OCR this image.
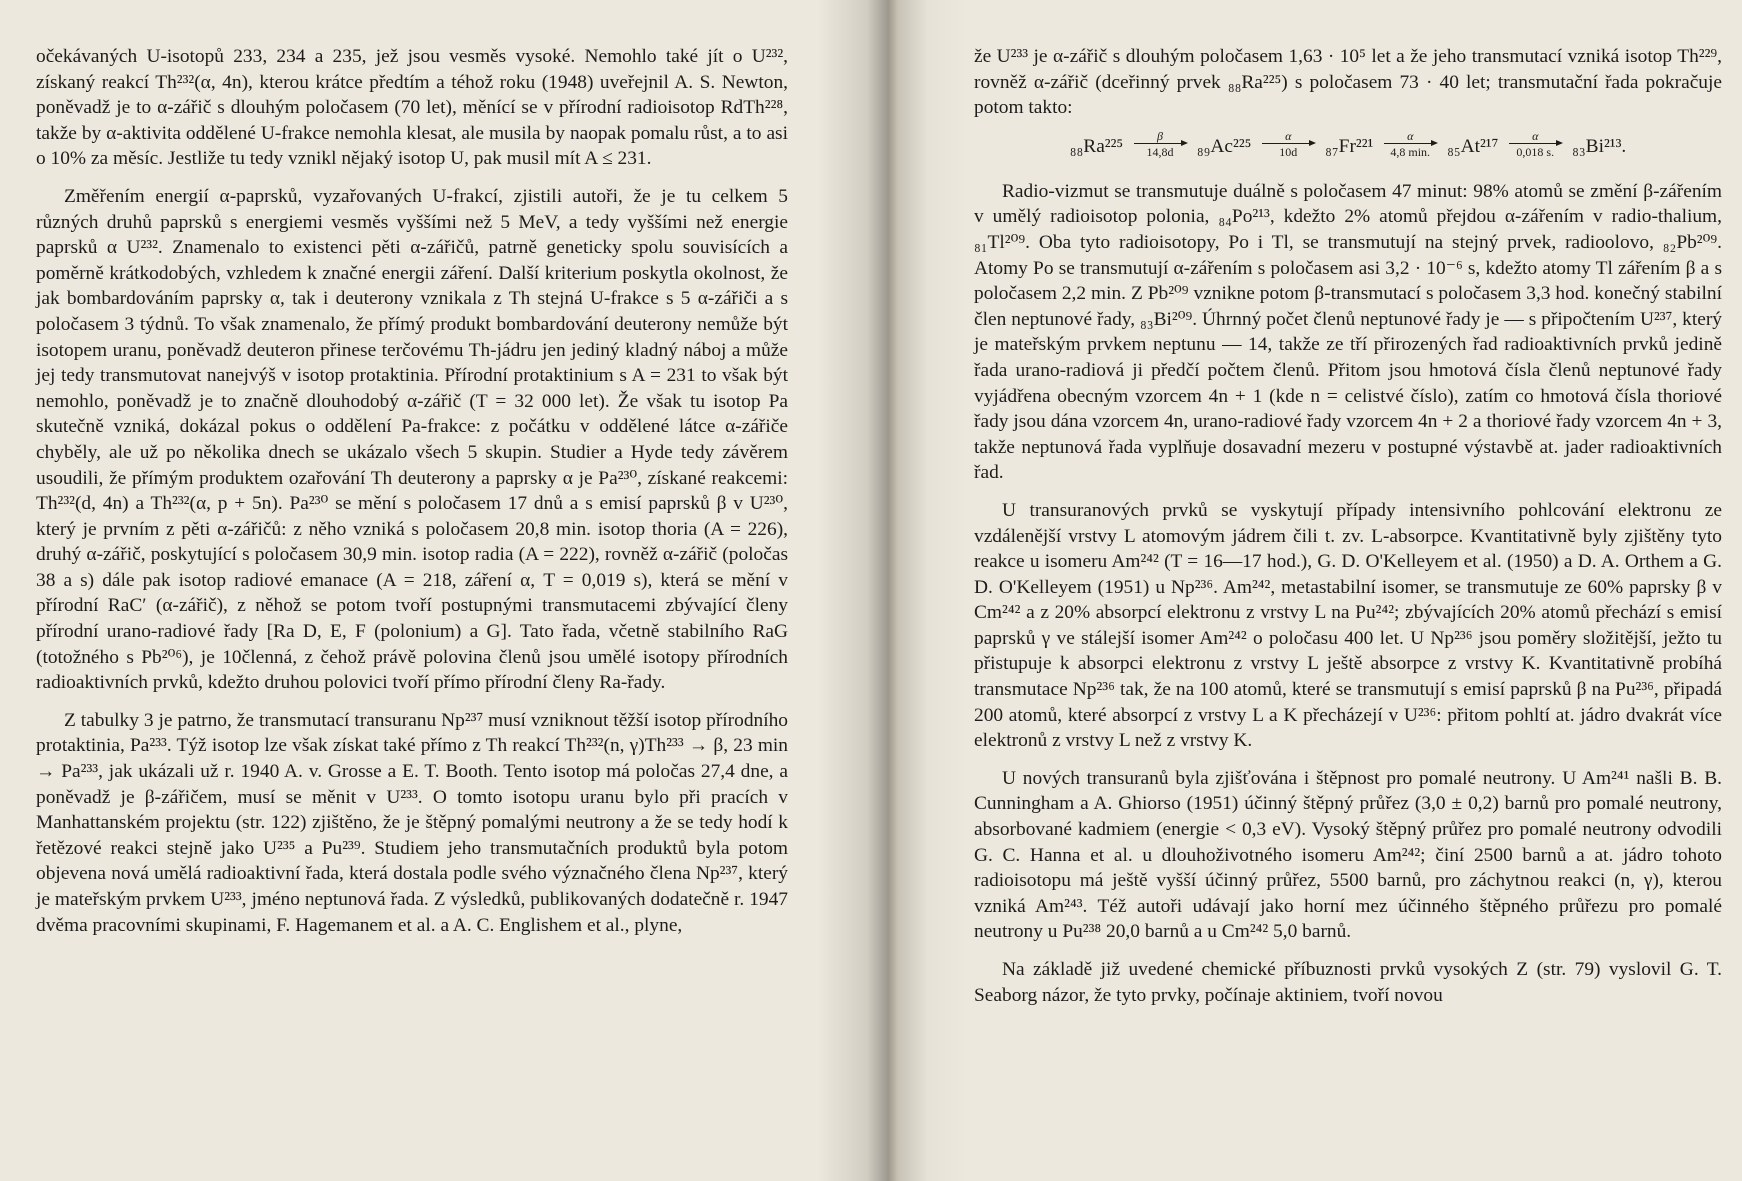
očekávaných U-isotopů 233, 234 a 235, jež jsou vesměs vysoké. Nemohlo také jít o U²³², získaný reakcí Th²³²(α, 4n), kterou krátce předtím a téhož roku (1948) uveřejnil A. S. Newton, poněvadž je to α-zářič s dlouhým poločasem (70 let), měnící se v přírodní radioisotop RdTh²²⁸, takže by α-aktivita oddělené U-frakce nemohla klesat, ale musila by naopak pomalu růst, a to asi o 10% za měsíc. Jestliže tu tedy vznikl nějaký isotop U, pak musil mít A ≤ 231.

Změřením energií α-paprsků, vyzařovaných U-frakcí, zjistili autoři, že je tu celkem 5 různých druhů paprsků s energiemi vesměs vyššími než 5 MeV, a tedy vyššími než energie paprsků α U²³². Znamenalo to existenci pěti α-zářičů, patrně geneticky spolu souvisících a poměrně krátkodobých, vzhledem k značné energii záření. Další kriterium poskytla okolnost, že jak bombardováním paprsky α, tak i deuterony vznikala z Th stejná U-frakce s 5 α-zářiči a s poločasem 3 týdnů. To však znamenalo, že přímý produkt bombardování deuterony nemůže být isotopem uranu, poněvadž deuteron přinese terčovému Th-jádru jen jediný kladný náboj a může jej tedy transmutovat nanejvýš v isotop protaktinia. Přírodní protaktinium s A = 231 to však být nemohlo, poněvadž je to značně dlouhodobý α-zářič (T = 32 000 let). Že však tu isotop Pa skutečně vzniká, dokázal pokus o oddělení Pa-frakce: z počátku v oddělené látce α-zářiče chyběly, ale už po několika dnech se ukázalo všech 5 skupin. Studier a Hyde tedy závěrem usoudili, že přímým produktem ozařování Th deuterony a paprsky α je Pa²³⁰, získané reakcemi: Th²³²(d, 4n) a Th²³²(α, p + 5n). Pa²³⁰ se mění s poločasem 17 dnů a s emisí paprsků β v U²³⁰, který je prvním z pěti α-zářičů: z něho vzniká s poločasem 20,8 min. isotop thoria (A = 226), druhý α-zářič, poskytující s poločasem 30,9 min. isotop radia (A = 222), rovněž α-zářič (poločas 38 a s) dále pak isotop radiové emanace (A = 218, záření α, T = 0,019 s), která se mění v přírodní RaC′ (α-zářič), z něhož se potom tvoří postupnými transmutacemi zbývající členy přírodní urano-radiové řady [Ra D, E, F (polonium) a G]. Tato řada, včetně stabilního RaG (totožného s Pb²⁰⁶), je 10členná, z čehož právě polovina členů jsou umělé isotopy přírodních radioaktivních prvků, kdežto druhou polovici tvoří přímo přírodní členy Ra-řady.

Z tabulky 3 je patrno, že transmutací transuranu Np²³⁷ musí vzniknout těžší isotop přírodního protaktinia, Pa²³³. Týž isotop lze však získat také přímo z Th reakcí Th²³²(n, γ)Th²³³ → β, 23 min → Pa²³³, jak ukázali už r. 1940 A. v. Grosse a E. T. Booth. Tento isotop má poločas 27,4 dne, a poněvadž je β-zářičem, musí se měnit v U²³³. O tomto isotopu uranu bylo při pracích v Manhattanském projektu (str. 122) zjištěno, že je štěpný pomalými neutrony a že se tedy hodí k řetězové reakci stejně jako U²³⁵ a Pu²³⁹. Studiem jeho transmutačních produktů byla potom objevena nová umělá radioaktivní řada, která dostala podle svého význačného člena Np²³⁷, který je mateřským prvkem U²³³, jméno neptunová řada. Z výsledků, publikovaných dodatečně r. 1947 dvěma pracovními skupinami, F. Hagemanem et al. a A. C. Englishem et al., plyne,

že U²³³ je α-zářič s dlouhým poločasem 1,63 · 10⁵ let a že jeho transmutací vzniká isotop Th²²⁹, rovněž α-zářič (dceřinný prvek ₈₈Ra²²⁵) s poločasem 73 · 40 let; transmutační řada pokračuje potom takto:

$_{88}Ra^{225} \frac{\beta}{14,8d} _{89}Ac^{225} \frac{\alpha}{10d} _{87}Fr^{221}$
α
4,8 min. $_{85}At^{217} \frac{\alpha}{0,018 s.} _{83}Bi^{213}$.

Radio-vizmut se transmutuje duálně s poločasem 47 minut: 98% atomů se změní β-zářením v umělý radioisotop polonia, ₈₄Po²¹³, kdežto 2% atomů přejdou α-zářením v radio-thalium, ₈₁Tl²⁰⁹. Oba tyto radioisotopy, Po i Tl, se transmutují na stejný prvek, radioolovo, ₈₂Pb²⁰⁹. Atomy Po se transmutují α-zářením s poločasem asi 3,2 · 10⁻⁶ s, kdežto atomy Tl zářením β a s poločasem 2,2 min. Z Pb²⁰⁹ vznikne potom β-transmutací s poločasem 3,3 hod. konečný stabilní člen neptunové řady, ₈₃Bi²⁰⁹. Úhrnný počet členů neptunové řady je — s připočtením U²³⁷, který je mateřským prvkem neptunu — 14, takže ze tří přirozených řad radioaktivních prvků jedině řada urano-radiová ji předčí počtem členů. Přitom jsou hmotová čísla členů neptunové řady vyjádřena obecným vzorcem 4n + 1 (kde n = celistvé číslo), zatím co hmotová čísla thoriové řady jsou dána vzorcem 4n, urano-radiové řady vzorcem 4n + 2 a thoriové řady vzorcem 4n + 3, takže neptunová řada vyplňuje dosavadní mezeru v postupné výstavbě at. jader radioaktivních řad.

U transuranových prvků se vyskytují případy intensivního pohlcování elektronu ze vzdálenější vrstvy L atomovým jádrem čili t. zv. L-absorpce. Kvantitativně byly zjištěny tyto reakce u isomeru Am²⁴² (T = 16—17 hod.), G. D. O'Kelleyem et al. (1950) a D. A. Orthem a G. D. O'Kelleyem (1951) u Np²³⁶. Am²⁴², metastabilní isomer, se transmutuje ze 60% paprsky β v Cm²⁴² a z 20% absorpcí elektronu z vrstvy L na Pu²⁴²; zbývajících 20% atomů přechází s emisí paprsků γ ve stálejší isomer Am²⁴² o poločasu 400 let. U Np²³⁶ jsou poměry složitější, ježto tu přistupuje k absorpci elektronu z vrstvy L ještě absorpce z vrstvy K. Kvantitativně probíhá transmutace Np²³⁶ tak, že na 100 atomů, které se transmutují s emisí paprsků β na Pu²³⁶, připadá 200 atomů, které absorpcí z vrstvy L a K přecházejí v U²³⁶: přitom pohltí at. jádro dvakrát více elektronů z vrstvy L než z vrstvy K.

U nových transuranů byla zjišťována i štěpnost pro pomalé neutrony. U Am²⁴¹ našli B. B. Cunningham a A. Ghiorso (1951) účinný štěpný průřez (3,0 ± 0,2) barnů pro pomalé neutrony, absorbované kadmiem (energie < 0,3 eV). Vysoký štěpný průřez pro pomalé neutrony odvodili G. C. Hanna et al. u dlouhoživotného isomeru Am²⁴²; činí 2500 barnů a at. jádro tohoto radioisotopu má ještě vyšší účinný průřez, 5500 barnů, pro záchytnou reakci (n, γ), kterou vzniká Am²⁴³. Též autoři udávají jako horní mez účinného štěpného průřezu pro pomalé neutrony u Pu²³⁸ 20,0 barnů a u Cm²⁴² 5,0 barnů.

Na základě již uvedené chemické příbuznosti prvků vysokých Z (str. 79) vyslovil G. T. Seaborg názor, že tyto prvky, počínaje aktiniem, tvoří novou
